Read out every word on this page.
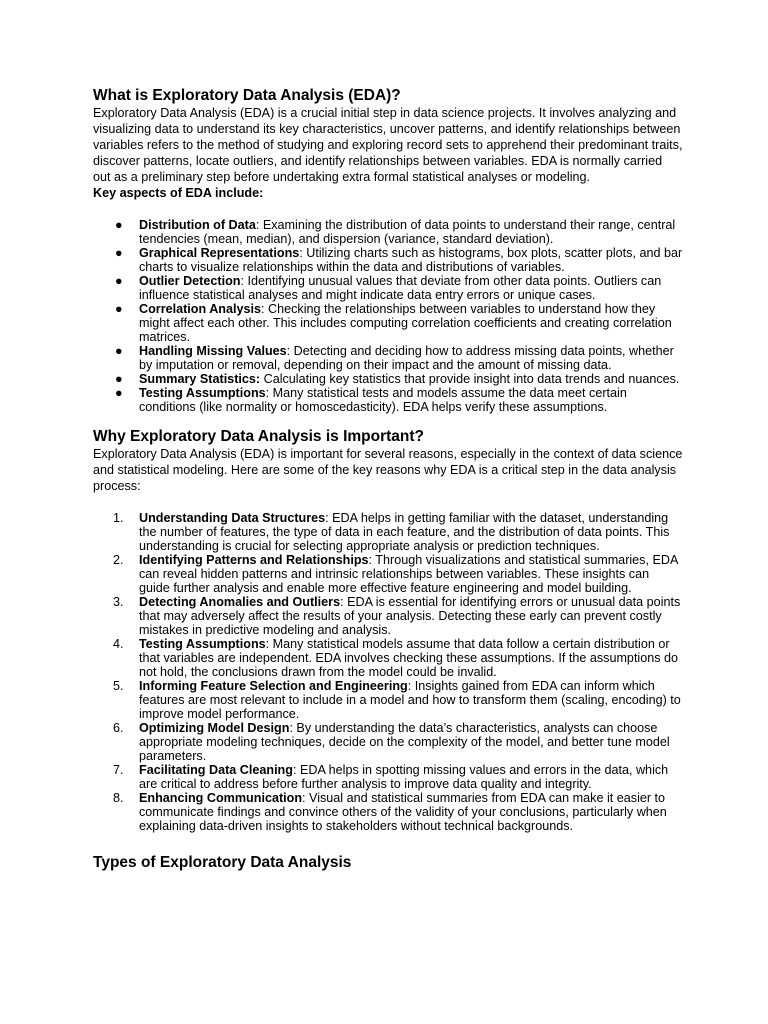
What is Exploratory Data Analysis (EDA)?

Exploratory Data Analysis (EDA) is a crucial initial step in data science projects. It involves analyzing and visualizing data to understand its key characteristics, uncover patterns, and identify relationships between variables refers to the method of studying and exploring record sets to apprehend their predominant traits, discover patterns, locate outliers, and identify relationships between variables. EDA is normally carried out as a preliminary step before undertaking extra formal statistical analyses or modeling.

Key aspects of EDA include:

●	Distribution of Data: Examining the distribution of data points to understand their range, central tendencies (mean, median), and dispersion (variance, standard deviation).
●	Graphical Representations: Utilizing charts such as histograms, box plots, scatter plots, and bar charts to visualize relationships within the data and distributions of variables.
●	Outlier Detection: Identifying unusual values that deviate from other data points. Outliers can influence statistical analyses and might indicate data entry errors or unique cases.
●	Correlation Analysis: Checking the relationships between variables to understand how they might affect each other. This includes computing correlation coefficients and creating correlation matrices.
●	Handling Missing Values: Detecting and deciding how to address missing data points, whether by imputation or removal, depending on their impact and the amount of missing data.
●	Summary Statistics: Calculating key statistics that provide insight into data trends and nuances.
●	Testing Assumptions: Many statistical tests and models assume the data meet certain conditions (like normality or homoscedasticity). EDA helps verify these assumptions.
Why Exploratory Data Analysis is Important?

Exploratory Data Analysis (EDA) is important for several reasons, especially in the context of data science and statistical modeling. Here are some of the key reasons why EDA is a critical step in the data analysis process:

1. Understanding Data Structures: EDA helps in getting familiar with the dataset, understanding the number of features, the type of data in each feature, and the distribution of data points. This understanding is crucial for selecting appropriate analysis or prediction techniques.
2. Identifying Patterns and Relationships: Through visualizations and statistical summaries, EDA can reveal hidden patterns and intrinsic relationships between variables. These insights can guide further analysis and enable more effective feature engineering and model building.
3. Detecting Anomalies and Outliers: EDA is essential for identifying errors or unusual data points that may adversely affect the results of your analysis. Detecting these early can prevent costly mistakes in predictive modeling and analysis.
4. Testing Assumptions: Many statistical models assume that data follow a certain distribution or that variables are independent. EDA involves checking these assumptions. If the assumptions do not hold, the conclusions drawn from the model could be invalid.
5. Informing Feature Selection and Engineering: Insights gained from EDA can inform which features are most relevant to include in a model and how to transform them (scaling, encoding) to improve model performance.
6. Optimizing Model Design: By understanding the data’s characteristics, analysts can choose appropriate modeling techniques, decide on the complexity of the model, and better tune model parameters.
7. Facilitating Data Cleaning: EDA helps in spotting missing values and errors in the data, which are critical to address before further analysis to improve data quality and integrity.
8. Enhancing Communication: Visual and statistical summaries from EDA can make it easier to communicate findings and convince others of the validity of your conclusions, particularly when explaining data-driven insights to stakeholders without technical backgrounds.
Types of Exploratory Data Analysis
